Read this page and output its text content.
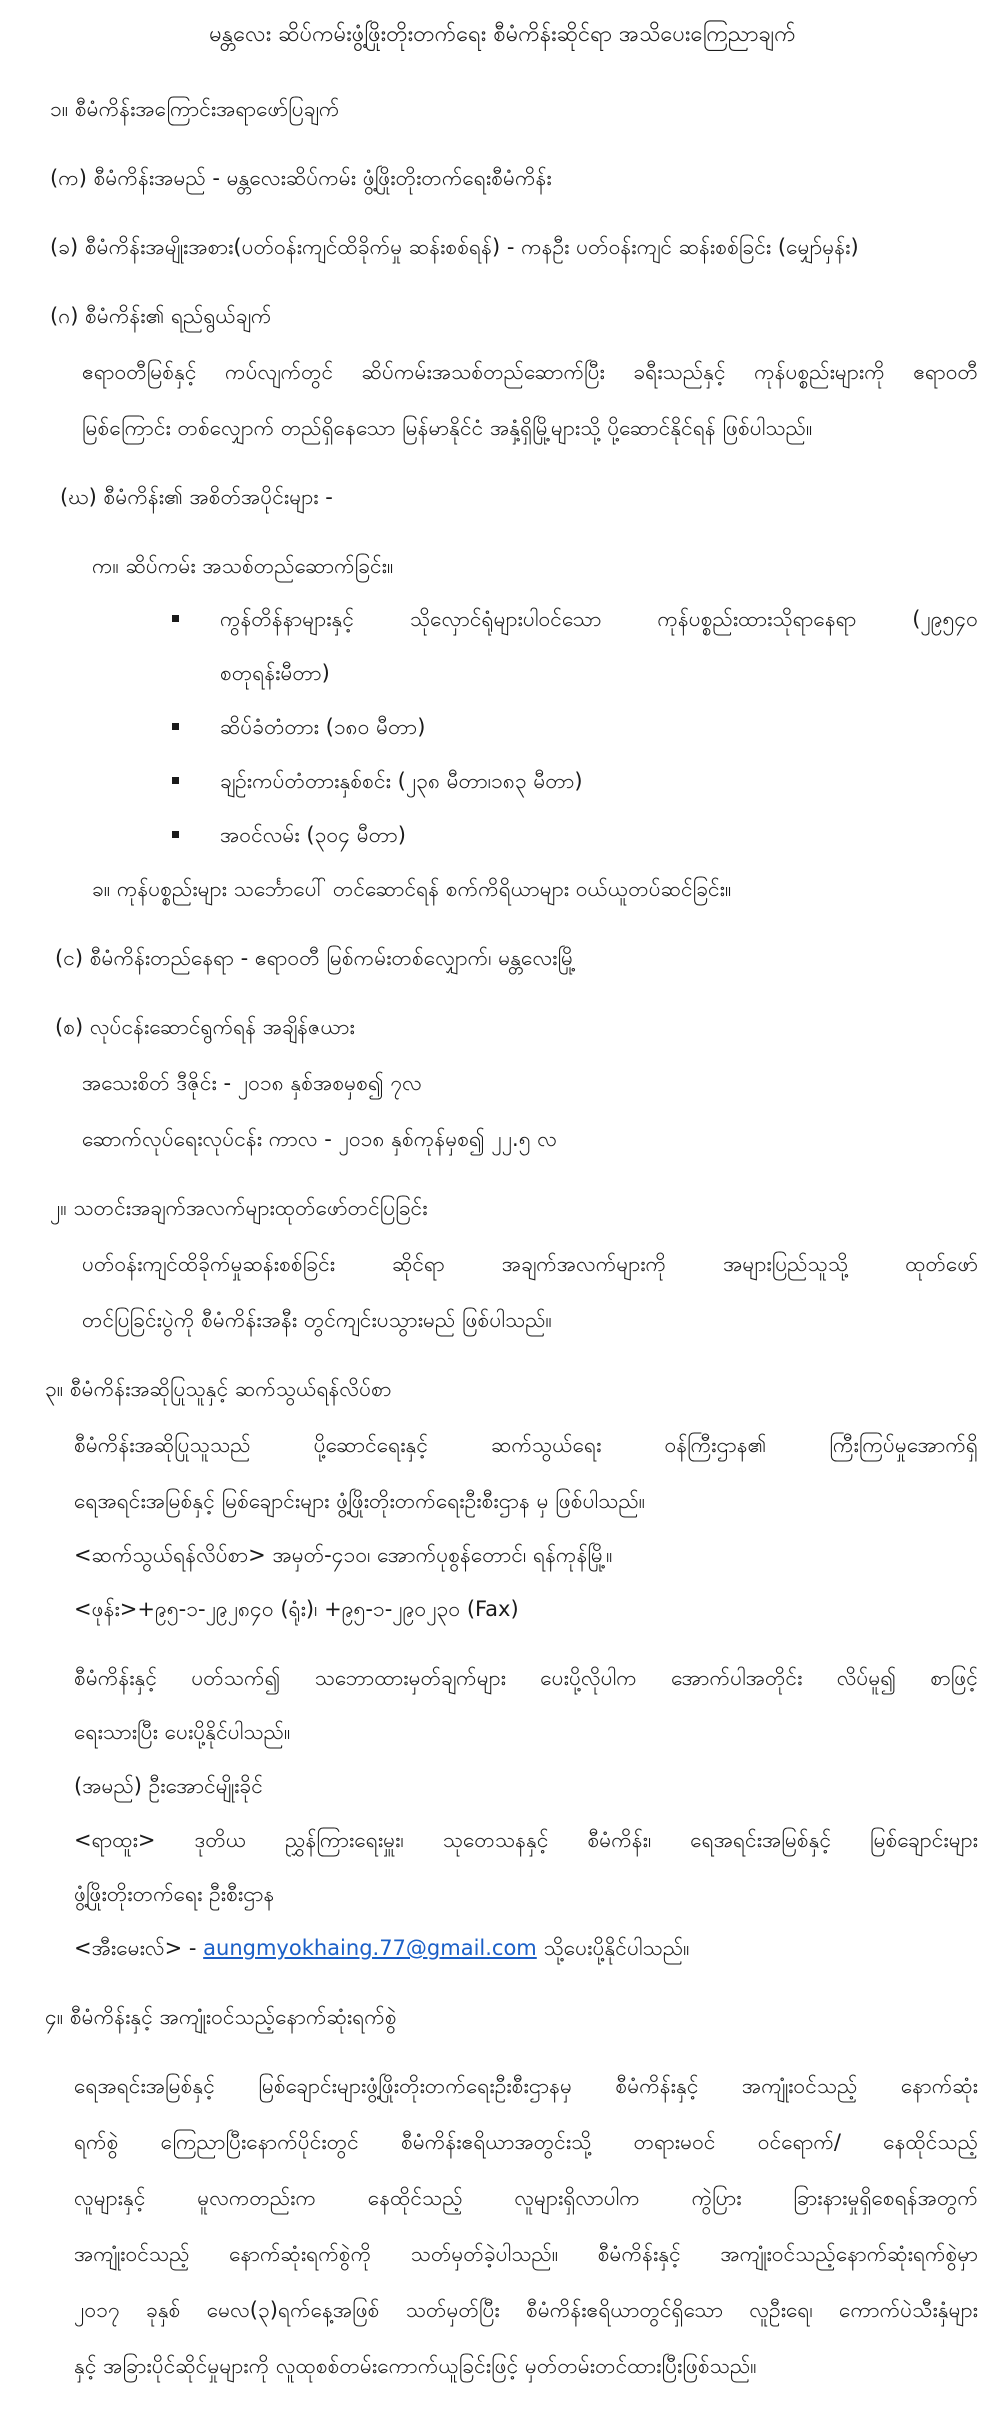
မန္တလေး ဆိပ်ကမ်းဖွံ့ဖြိုးတိုးတက်ရေး စီမံကိန်းဆိုင်ရာ အသိပေးကြေညာချက်
၁။ စီမံကိန်းအကြောင်းအရာဖော်ပြချက်
(က) စီမံကိန်းအမည် - မန္တလေးဆိပ်ကမ်း ဖွံ့ဖြိုးတိုးတက်ရေးစီမံကိန်း
(ခ) စီမံကိန်းအမျိုးအစား(ပတ်ဝန်းကျင်ထိခိုက်မှု ဆန်းစစ်ရန်) - ကနဦး ပတ်ဝန်းကျင် ဆန်းစစ်ခြင်း (မျှော်မှန်း)
(ဂ) စီမံကိန်း၏ ရည်ရွယ်ချက်
ဧရာဝတီမြစ်နှင့် ကပ်လျက်တွင် ဆိပ်ကမ်းအသစ်တည်ဆောက်ပြီး ခရီးသည်နှင့် ကုန်ပစ္စည်းများကို ဧရာဝတီ
မြစ်ကြောင်း တစ်လျှောက် တည်ရှိနေသော မြန်မာနိုင်ငံ အနှံ့ရှိမြို့များသို့ ပို့ဆောင်နိုင်ရန် ဖြစ်ပါသည်။
(ဃ) စီမံကိန်း၏ အစိတ်အပိုင်းများ -
က။ ဆိပ်ကမ်း အသစ်တည်ဆောက်ခြင်း။
ကွန်တိန်နာများနှင့်	သိုလှောင်ရုံများပါဝင်သော	ကုန်ပစ္စည်းထားသိုရာနေရာ	(၂၉၅၄၀
စတုရန်းမီတာ)
ဆိပ်ခံတံတား (၁၈၀ မီတာ)
ချဉ်းကပ်တံတားနှစ်စင်း (၂၃၈ မီတာ၊၁၈၃ မီတာ)
အဝင်လမ်း (၃၀၄ မီတာ)
ခ။ ကုန်ပစ္စည်းများ သင်္ဘောပေါ် တင်ဆောင်ရန် စက်ကိရိယာများ ဝယ်ယူတပ်ဆင်ခြင်း။
(င) စီမံကိန်းတည်နေရာ - ဧရာဝတီ မြစ်ကမ်းတစ်လျှောက်၊ မန္တလေးမြို့
(စ) လုပ်ငန်းဆောင်ရွက်ရန် အချိန်ဇယား
အသေးစိတ် ဒီဇိုင်း - ၂၀၁၈ နှစ်အစမှစ၍ ၇လ
ဆောက်လုပ်ရေးလုပ်ငန်း ကာလ - ၂၀၁၈ နှစ်ကုန်မှစ၍ ၂၂.၅ လ
၂။ သတင်းအချက်အလက်များထုတ်ဖော်တင်ပြခြင်း
ပတ်ဝန်းကျင်ထိခိုက်မှုဆန်းစစ်ခြင်း	ဆိုင်ရာ	အချက်အလက်များကို	အများပြည်သူသို့	ထုတ်ဖော်
တင်ပြခြင်းပွဲကို စီမံကိန်းအနီး တွင်ကျင်းပသွားမည် ဖြစ်ပါသည်။
၃။ စီမံကိန်းအဆိုပြုသူနှင့် ဆက်သွယ်ရန်လိပ်စာ
စီမံကိန်းအဆိုပြုသူသည်	ပို့ဆောင်ရေးနှင့်	ဆက်သွယ်ရေး	ဝန်ကြီးဌာန၏	ကြီးကြပ်မှုအောက်ရှိ
ရေအရင်းအမြစ်နှင့် မြစ်ချောင်းများ ဖွံ့ဖြိုးတိုးတက်ရေးဦးစီးဌာန မှ ဖြစ်ပါသည်။
<ဆက်သွယ်ရန်လိပ်စာ> အမှတ်-၄၁၀၊ အောက်ပုစွန်တောင်၊ ရန်ကုန်မြို့။
<ဖုန်း>+၉၅-၁-၂၉၂၈၄၀ (ရုံး)၊ +၉၅-၁-၂၉၀၂၃၀ (Fax)
စီမံကိန်းနှင့် ပတ်သက်၍ သဘောထားမှတ်ချက်များ ပေးပို့လိုပါက အောက်ပါအတိုင်း လိပ်မူ၍ စာဖြင့်
ရေးသားပြီး ပေးပို့နိုင်ပါသည်။
(အမည်) ဦးအောင်မျိုးခိုင်
<ရာထူး> ဒုတိယ ညွှန်ကြားရေးမှူး၊ သုတေသနနှင့် စီမံကိန်း၊ ရေအရင်းအမြစ်နှင့် မြစ်ချောင်းများ
ဖွံ့ဖြိုးတိုးတက်ရေး ဦးစီးဌာန
<အီးမေးလ်> - aungmyokhaing.77@gmail.com သို့ပေးပို့နိုင်ပါသည်။
၄။ စီမံကိန်းနှင့် အကျုံးဝင်သည့်နောက်ဆုံးရက်စွဲ
ရေအရင်းအမြစ်နှင့် မြစ်ချောင်းများဖွံ့ဖြိုးတိုးတက်ရေးဦးစီးဌာနမှ စီမံကိန်းနှင့် အကျုံးဝင်သည့် နောက်ဆုံး
ရက်စွဲ ကြေညာပြီးနောက်ပိုင်းတွင် စီမံကိန်းဧရိယာအတွင်းသို့ တရားမဝင် ဝင်ရောက်/ နေထိုင်သည့်
လူများနှင့် မူလကတည်းက နေထိုင်သည့် လူများရှိလာပါက ကွဲပြား ခြားနားမှုရှိစေရန်အတွက်
အကျုံးဝင်သည့် နောက်ဆုံးရက်စွဲကို သတ်မှတ်ခဲ့ပါသည်။ စီမံကိန်းနှင့် အကျုံးဝင်သည့်နောက်ဆုံးရက်စွဲမှာ
၂၀၁၇ ခုနှစ် မေလ(၃)ရက်နေ့အဖြစ် သတ်မှတ်ပြီး စီမံကိန်းဧရိယာတွင်ရှိသော လူဦးရေ၊ ကောက်ပဲသီးနှံများ
နှင့် အခြားပိုင်ဆိုင်မှုများကို လူထုစစ်တမ်းကောက်ယူခြင်းဖြင့် မှတ်တမ်းတင်ထားပြီးဖြစ်သည်။
